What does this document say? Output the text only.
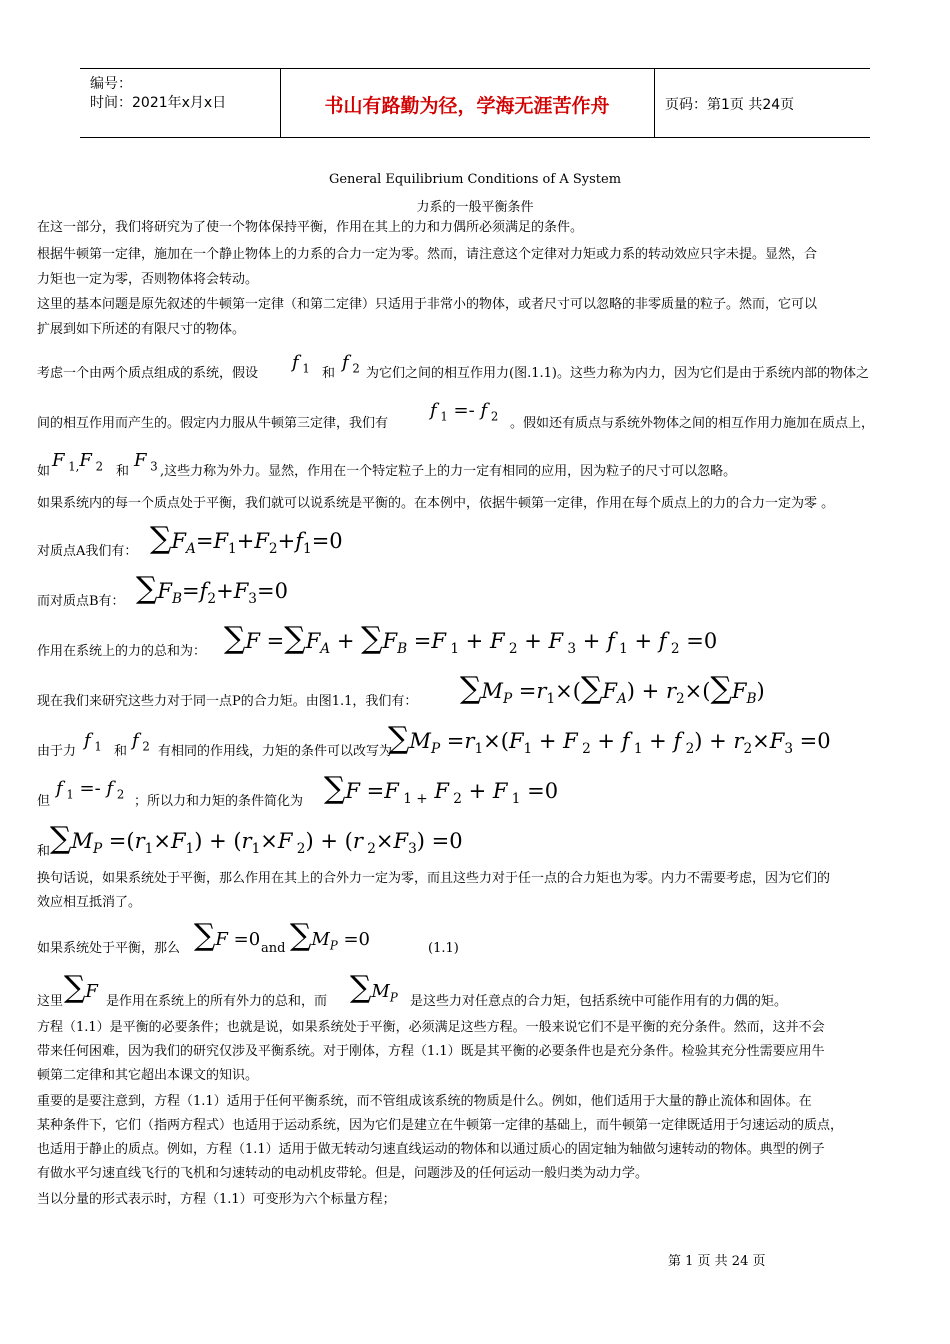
编号：
时间：2021年x月x日	书山有路勤为径，学海无涯苦作舟	页码：第1页 共24页
General Equilibrium Conditions of A System
力系的一般平衡条件
在这一部分，我们将研究为了使一个物体保持平衡，作用在其上的力和力偶所必须满足的条件。
根据牛顿第一定律，施加在一个静止物体上的力系的合力一定为零。然而，请注意这个定律对力矩或力系的转动效应只字未提。显然，合
力矩也一定为零，否则物体将会转动。
这里的基本问题是原先叙述的牛顿第一定律（和第二定律）只适用于非常小的物体，或者尺寸可以忽略的非零质量的粒子。然而，它可以
扩展到如下所述的有限尺寸的物体。
考虑一个由两个质点组成的系统，假设
f $_1$ 和
f $_2$ 为它们之间的相互作用力(图.1.1)。这些力称为内力，因为它们是由于系统内部的物体之
间的相互作用而产生的。假定内力服从牛顿第三定律，我们有
f $_1$ =- f $_2$ 。假如还有质点与系统外物体之间的相互作用力施加在质点上，
如
F $_{1,}$F $_2$ 和
F $_3$ ,这些力称为外力。显然，作用在一个特定粒子上的力一定有相同的应用，因为粒子的尺寸可以忽略。
如果系统内的每一个质点处于平衡，我们就可以说系统是平衡的。在本例中，依据牛顿第一定律，作用在每个质点上的力的合力一定为零 。
对质点A我们有： $\sum F_A=F_1+F_2+f_1=0$
而对质点B有： $\sum F_B=f_2+F_3=0$
作用在系统上的力的总和为： $\sum F =\sum F_A + \sum F_B =F$ $_1$ + F $_2$ + F $_3$ + f $_1$ + f $_2$ =0
现在我们来研究这些力对于同一点P的合力矩。由图1.1，我们有： $\sum M_P =r_1\times(\sum F_A) + r_2\times(\sum F_B)$
由于力
f $_1$ 和
f $_2$ 有相同的作用线，力矩的条件可以改写为
$\sum M_P =r_1\times(F_1 + F$ $_2$ + f $_1$ + f $_2) + r_2\times F_3 =0$
但
f $_1$ =- f $_2$ ；所以力和力矩的条件简化为 ∑F =F $_{1 +}$ F $_2$ + F $_1$ =0
和 $\sum M_P =(r_1\times F_1) + (r_1\times F$ $_2$) + (r $_2\times F_3) =0$
换句话说，如果系统处于平衡，那么作用在其上的合外力一定为零，而且这些力对于任一点的合力矩也为零。内力不需要考虑，因为它们的
效应相互抵消了。
如果系统处于平衡，那么 ∑F =0 and $\sum M_P =0$	(1.1)
这里 ∑F 是作用在系统上的所有外力的总和，而 $\sum M_P$ 是这些力对任意点的合力矩，包括系统中可能作用有的力偶的矩。
方程（1.1）是平衡的必要条件；也就是说，如果系统处于平衡，必须满足这些方程。一般来说它们不是平衡的充分条件。然而，这并不会
带来任何困难，因为我们的研究仅涉及平衡系统。对于刚体，方程（1.1）既是其平衡的必要条件也是充分条件。检验其充分性需要应用牛
顿第二定律和其它超出本课文的知识。
重要的是要注意到，方程（1.1）适用于任何平衡系统，而不管组成该系统的物质是什么。例如，他们适用于大量的静止流体和固体。在
某种条件下，它们（指两方程式）也适用于运动系统，因为它们是建立在牛顿第一定律的基础上，而牛顿第一定律既适用于匀速运动的质点，
也适用于静止的质点。例如，方程（1.1）适用于做无转动匀速直线运动的物体和以通过质心的固定轴为轴做匀速转动的物体。典型的例子
有做水平匀速直线飞行的飞机和匀速转动的电动机皮带轮。但是，问题涉及的任何运动一般归类为动力学。
当以分量的形式表示时，方程（1.1）可变形为六个标量方程；
第 1 页 共 24 页
